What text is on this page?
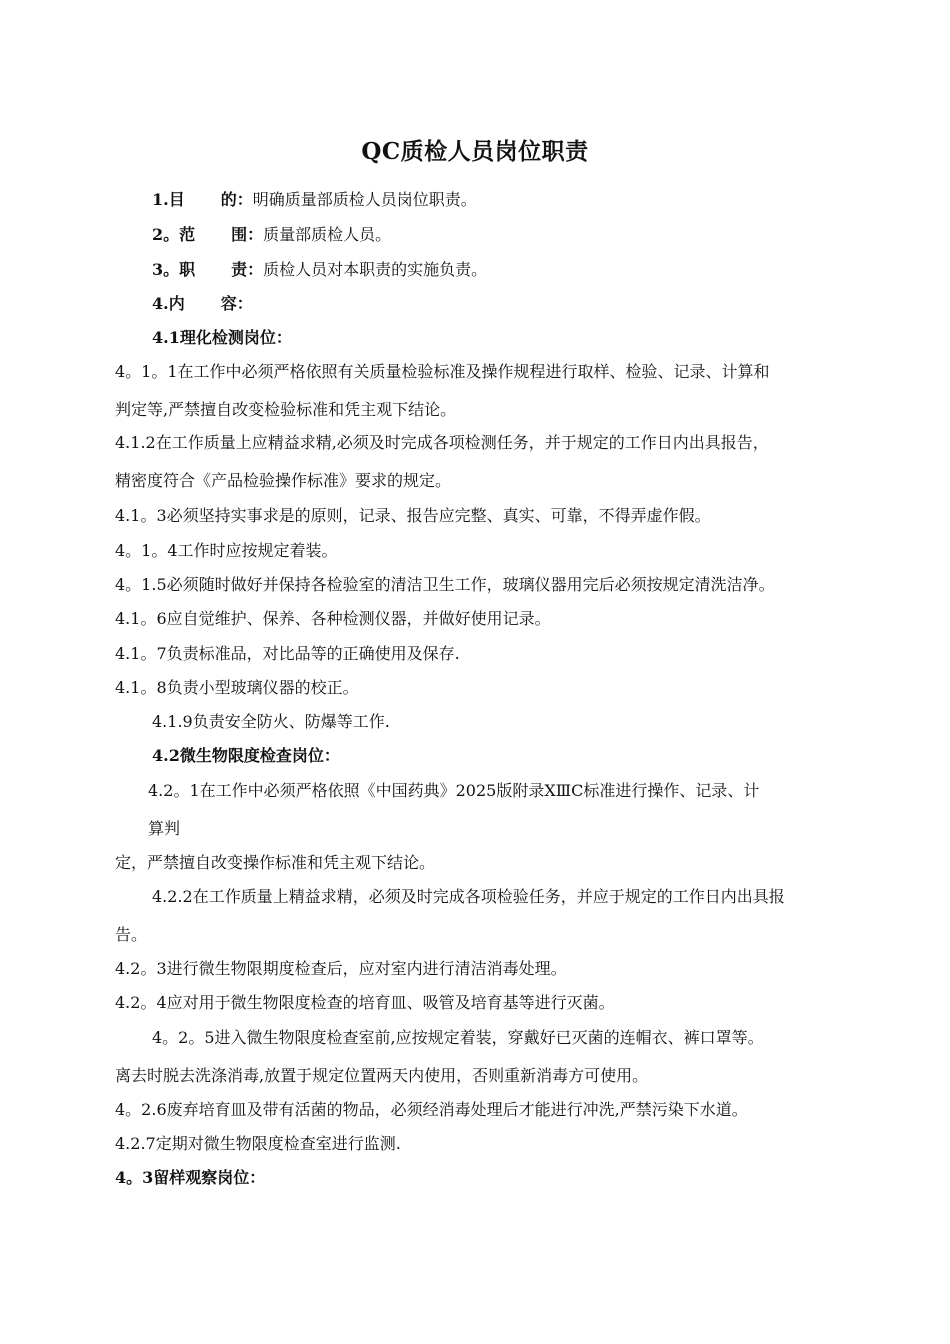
QC质检人员岗位职责
1.目 的：明确质量部质检人员岗位职责。
2。范 围：质量部质检人员。
3。职 责：质检人员对本职责的实施负责。
4.内 容：
4.1理化检测岗位：
4。1。1在工作中必须严格依照有关质量检验标准及操作规程进行取样、检验、记录、计算和
判定等,严禁擅自改变检验标准和凭主观下结论。
4.1.2在工作质量上应精益求精,必须及时完成各项检测任务，并于规定的工作日内出具报告，
精密度符合《产品检验操作标准》要求的规定。
4.1。3必须坚持实事求是的原则，记录、报告应完整、真实、可靠，不得弄虚作假。
4。1。4工作时应按规定着装。
4。1.5必须随时做好并保持各检验室的清洁卫生工作，玻璃仪器用完后必须按规定清洗洁净。
4.1。6应自觉维护、保养、各种检测仪器，并做好使用记录。
4.1。7负责标准品，对比品等的正确使用及保存.
4.1。8负责小型玻璃仪器的校正。
4.1.9负责安全防火、防爆等工作.
4.2微生物限度检查岗位：
4.2。1在工作中必须严格依照《中国药典》2025版附录ⅩⅢC标准进行操作、记录、计
算判
定，严禁擅自改变操作标准和凭主观下结论。
4.2.2在工作质量上精益求精，必须及时完成各项检验任务，并应于规定的工作日内出具报
告。
4.2。3进行微生物限期度检查后，应对室内进行清洁消毒处理。
4.2。4应对用于微生物限度检查的培育皿、吸管及培育基等进行灭菌。
4。2。5进入微生物限度检查室前,应按规定着装，穿戴好已灭菌的连帽衣、裤口罩等。
离去时脱去洗涤消毒,放置于规定位置两天内使用，否则重新消毒方可使用。
4。2.6废弃培育皿及带有活菌的物品，必须经消毒处理后才能进行冲洗,严禁污染下水道。
4.2.7定期对微生物限度检查室进行监测.
4。3留样观察岗位：
